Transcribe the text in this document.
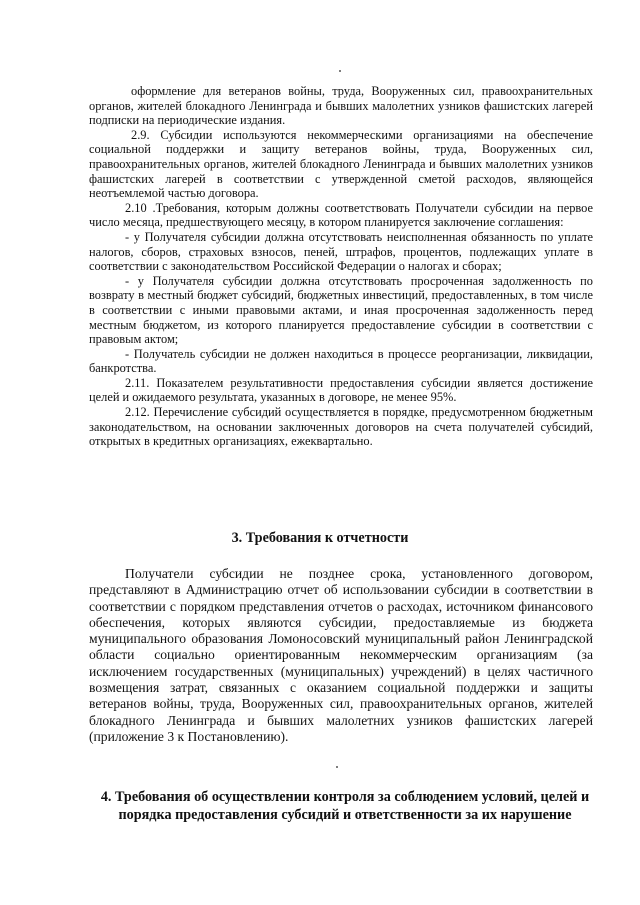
оформление для ветеранов войны, труда, Вооруженных сил, правоохранительных органов, жителей блокадного Ленинграда и бывших малолетних узников фашистских лагерей подписки на периодические издания.

2.9. Субсидии используются некоммерческими организациями на обеспечение социальной поддержки и защиту ветеранов войны, труда, Вооруженных сил, правоохранительных органов, жителей блокадного Ленинграда и бывших малолетних узников фашистских лагерей в соответствии с утвержденной сметой расходов, являющейся неотъемлемой частью договора.

2.10 .Требования, которым должны соответствовать Получатели субсидии на первое число месяца, предшествующего месяцу, в котором планируется заключение соглашения:

- у Получателя субсидии должна отсутствовать неисполненная обязанность по уплате налогов, сборов, страховых взносов, пеней, штрафов, процентов, подлежащих уплате в соответствии с законодательством Российской Федерации о налогах и сборах;

- у Получателя субсидии должна отсутствовать просроченная задолженность по возврату в местный бюджет субсидий, бюджетных инвестиций, предоставленных, в том числе в соответствии с иными правовыми актами, и иная просроченная задолженность перед местным бюджетом, из которого планируется предоставление субсидии в соответствии с правовым актом;

- Получатель субсидии не должен находиться в процессе реорганизации, ликвидации, банкротства.

2.11. Показателем результативности предоставления субсидии является достижение целей и ожидаемого результата, указанных в договоре, не менее 95%.

2.12. Перечисление субсидий осуществляется в порядке, предусмотренном бюджетным законодательством, на основании заключенных договоров на счета получателей субсидий, открытых в кредитных организациях, ежеквартально.

3. Требования к отчетности

Получатели субсидии не позднее срока, установленного договором, представляют в Администрацию отчет об использовании субсидии в соответствии в соответствии с порядком представления отчетов о расходах, источником финансового обеспечения, которых являются субсидии, предоставляемые из бюджета муниципального образования Ломоносовский муниципальный район Ленинградской области социально ориентированным некоммерческим организациям (за исключением государственных (муниципальных) учреждений) в целях частичного возмещения затрат, связанных с оказанием социальной поддержки и защиты ветеранов войны, труда, Вооруженных сил, правоохранительных органов, жителей блокадного Ленинграда и бывших малолетних узников фашистских лагерей (приложение 3 к Постановлению).

4. Требования об осуществлении контроля за соблюдением условий, целей и порядка предоставления субсидий и ответственности за их нарушение
